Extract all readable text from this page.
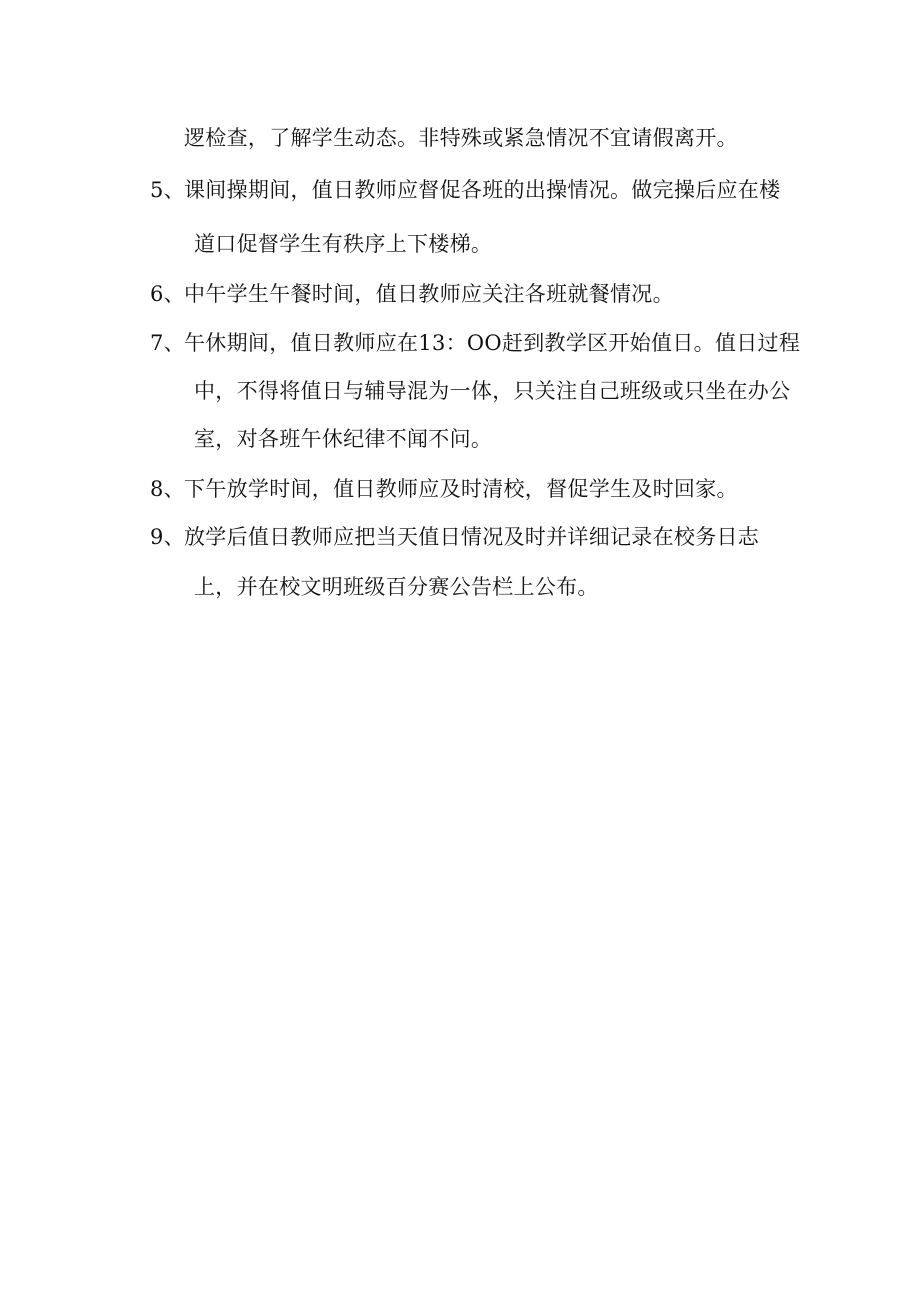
逻检查，了解学生动态。非特殊或紧急情况不宜请假离开。
5、 课间操期间，值日教师应督促各班的出操情况。做完操后应在楼
道口促督学生有秩序上下楼梯。
6、 中午学生午餐时间，值日教师应关注各班就餐情况。
7、 午休期间，值日教师应在13：OO赶到教学区开始值日。值日过程
中，不得将值日与辅导混为一体，只关注自己班级或只坐在办公
室，对各班午休纪律不闻不问。
8、 下午放学时间，值日教师应及时清校，督促学生及时回家。
9、 放学后值日教师应把当天值日情况及时并详细记录在校务日志
上，并在校文明班级百分赛公告栏上公布。
